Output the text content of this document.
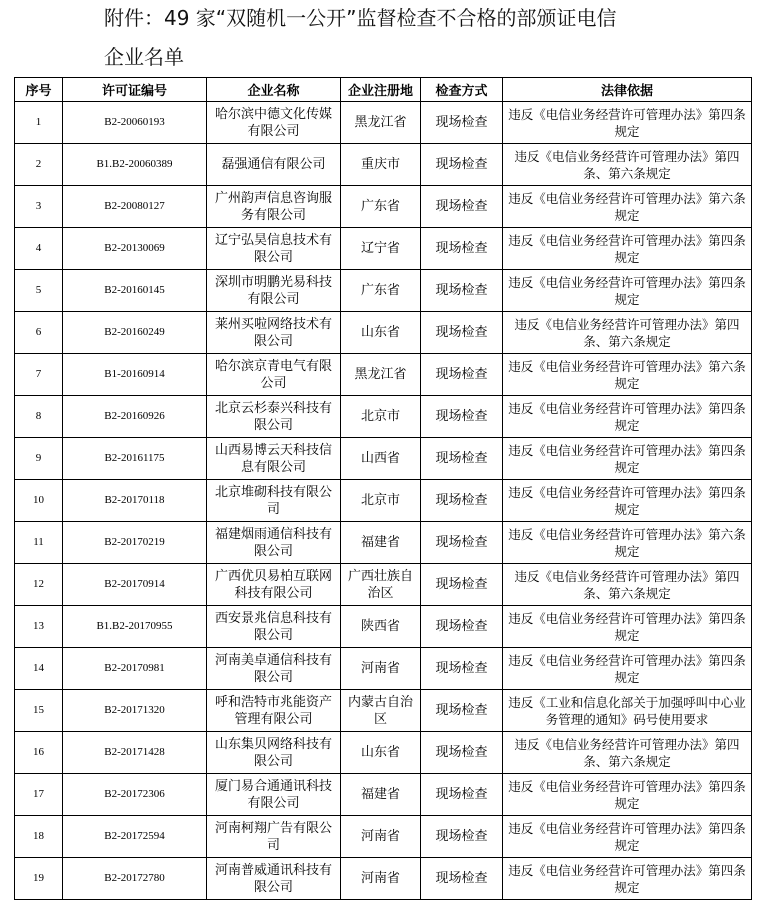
附件：49 家“双随机一公开”监督检查不合格的部颁证电信
企业名单
序号	许可证编号	企业名称	企业注册地	检查方式	法律依据
1	B2-20060193	哈尔滨中德文化传媒有限公司	黑龙江省	现场检查	违反《电信业务经营许可管理办法》第四条规定
2	B1.B2-20060389	磊强通信有限公司	重庆市	现场检查	违反《电信业务经营许可管理办法》第四条、第六条规定
3	B2-20080127	广州韵声信息咨询服务有限公司	广东省	现场检查	违反《电信业务经营许可管理办法》第六条规定
4	B2-20130069	辽宁弘昊信息技术有限公司	辽宁省	现场检查	违反《电信业务经营许可管理办法》第四条规定
5	B2-20160145	深圳市明鹏光易科技有限公司	广东省	现场检查	违反《电信业务经营许可管理办法》第四条规定
6	B2-20160249	莱州买啦网络技术有限公司	山东省	现场检查	违反《电信业务经营许可管理办法》第四条、第六条规定
7	B1-20160914	哈尔滨京青电气有限公司	黑龙江省	现场检查	违反《电信业务经营许可管理办法》第六条规定
8	B2-20160926	北京云杉泰兴科技有限公司	北京市	现场检查	违反《电信业务经营许可管理办法》第四条规定
9	B2-20161175	山西易博云天科技信息有限公司	山西省	现场检查	违反《电信业务经营许可管理办法》第四条规定
10	B2-20170118	北京堆砌科技有限公司	北京市	现场检查	违反《电信业务经营许可管理办法》第四条规定
11	B2-20170219	福建烟雨通信科技有限公司	福建省	现场检查	违反《电信业务经营许可管理办法》第六条规定
12	B2-20170914	广西优贝易柏互联网科技有限公司	广西壮族自治区	现场检查	违反《电信业务经营许可管理办法》第四条、第六条规定
13	B1.B2-20170955	西安景兆信息科技有限公司	陕西省	现场检查	违反《电信业务经营许可管理办法》第四条规定
14	B2-20170981	河南美卓通信科技有限公司	河南省	现场检查	违反《电信业务经营许可管理办法》第四条规定
15	B2-20171320	呼和浩特市兆能资产管理有限公司	内蒙古自治区	现场检查	违反《工业和信息化部关于加强呼叫中心业务管理的通知》码号使用要求
16	B2-20171428	山东集贝网络科技有限公司	山东省	现场检查	违反《电信业务经营许可管理办法》第四条、第六条规定
17	B2-20172306	厦门易合通通讯科技有限公司	福建省	现场检查	违反《电信业务经营许可管理办法》第四条规定
18	B2-20172594	河南柯翔广告有限公司	河南省	现场检查	违反《电信业务经营许可管理办法》第四条规定
19	B2-20172780	河南普威通讯科技有限公司	河南省	现场检查	违反《电信业务经营许可管理办法》第四条规定
